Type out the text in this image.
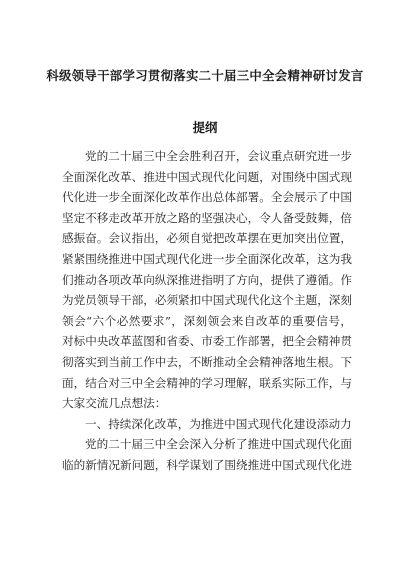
科级领导干部学习贯彻落实二十届三中全会精神研讨发言
提纲
党的二十届三中全会胜利召开，会议重点研究进一步
全面深化改革、推进中国式现代化问题，对围绕中国式现
代化进一步全面深化改革作出总体部署。全会展示了中国
坚定不移走改革开放之路的坚强决心，令人备受鼓舞，倍
感振奋。会议指出，必须自觉把改革摆在更加突出位置，
紧紧围绕推进中国式现代化进一步全面深化改革，这为我
们推动各项改革向纵深推进指明了方向，提供了遵循。作
为党员领导干部，必须紧扣中国式现代化这个主题，深刻
领会“六个必然要求”，深刻领会来自改革的重要信号，
对标中央改革蓝图和省委、市委工作部署，把全会精神贯
彻落实到当前工作中去，不断推动全会精神落地生根。下
面，结合对三中全会精神的学习理解，联系实际工作，与
大家交流几点想法：
一、持续深化改革，为推进中国式现代化建设添动力
党的二十届三中全会深入分析了推进中国式现代化面
临的新情况新问题，科学谋划了围绕推进中国式现代化进
